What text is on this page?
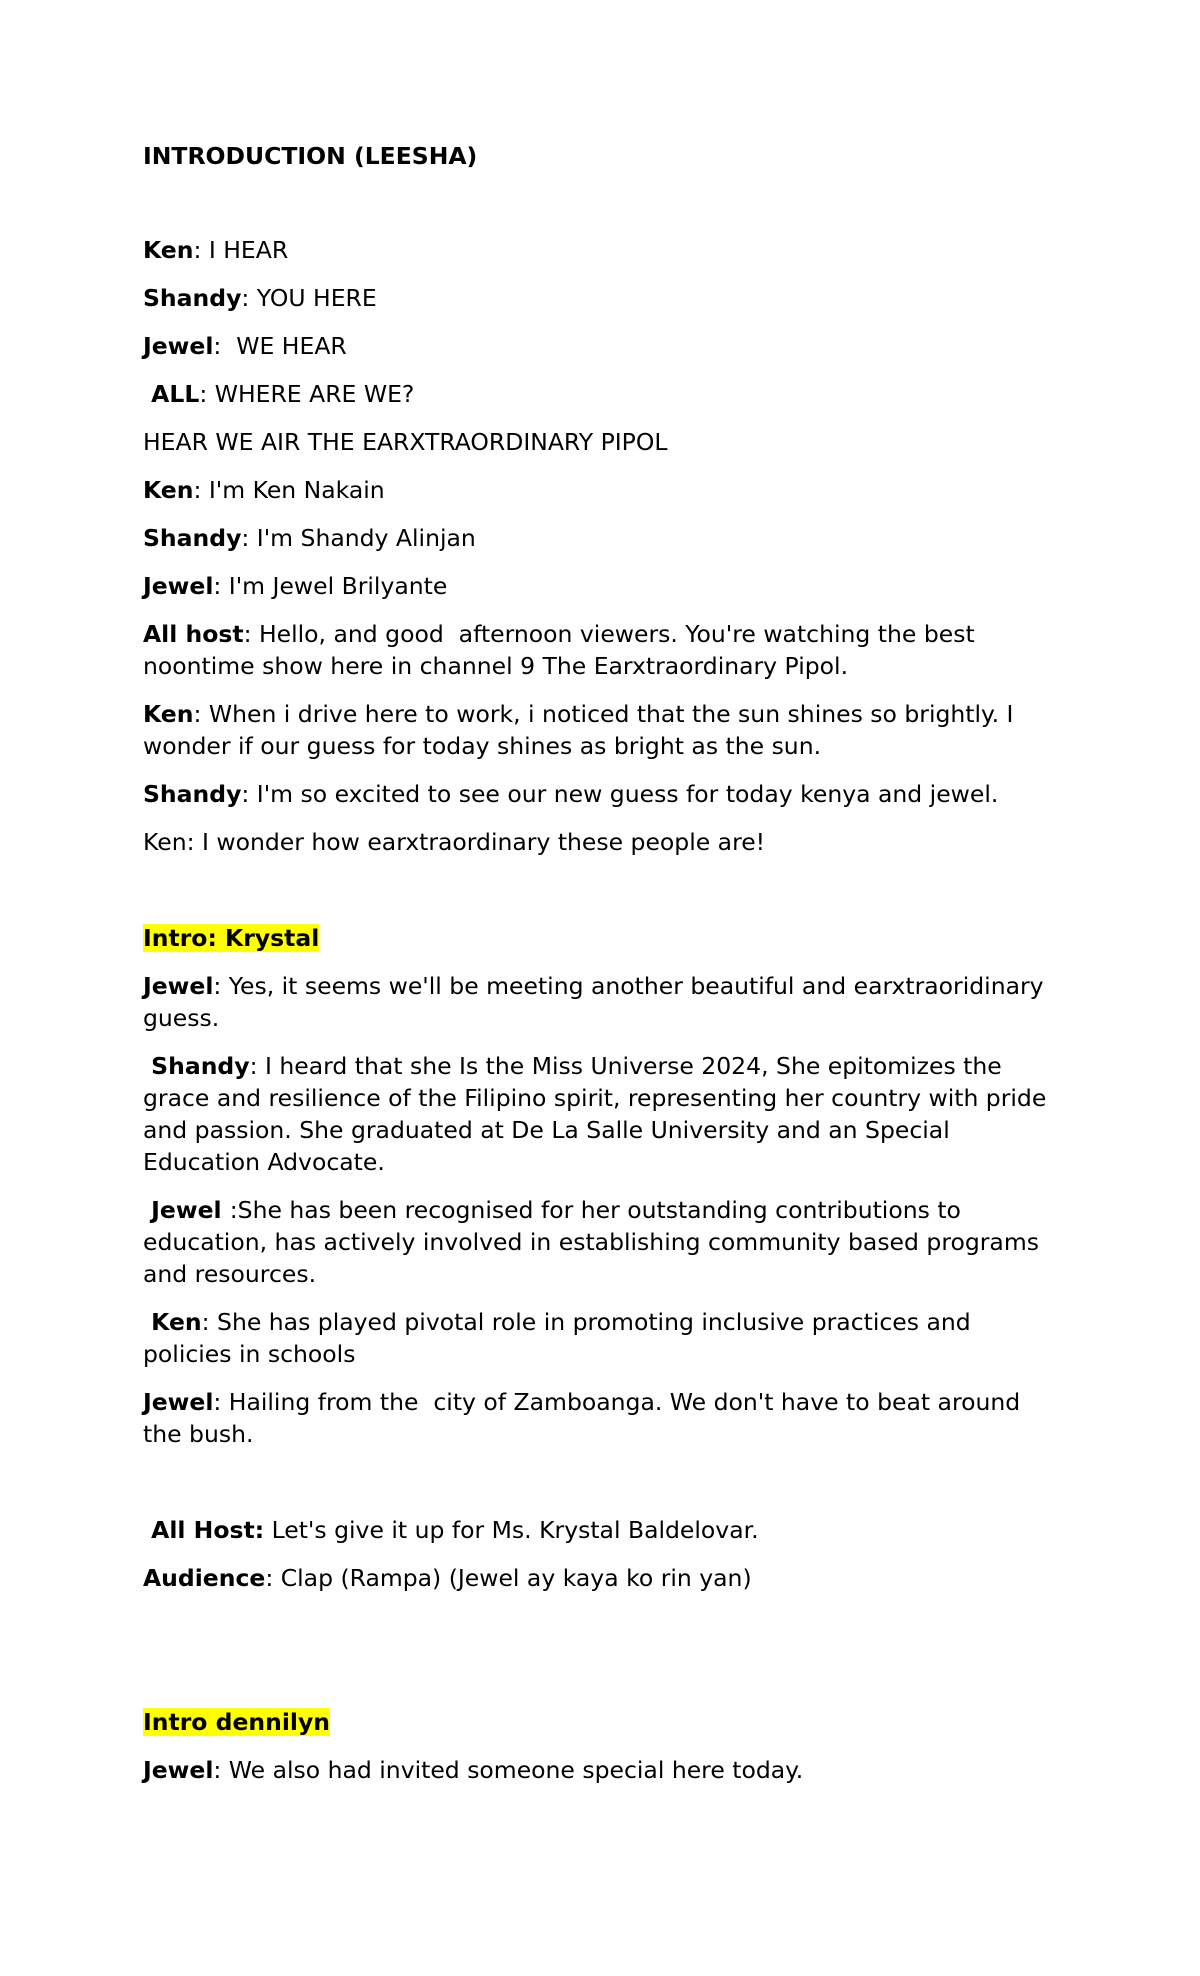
INTRODUCTION (LEESHA)
Ken: I HEAR
Shandy: YOU HERE
Jewel:  WE HEAR
ALL: WHERE ARE WE?
HEAR WE AIR THE EARXTRAORDINARY PIPOL
Ken: I'm Ken Nakain
Shandy: I'm Shandy Alinjan
Jewel: I'm Jewel Brilyante
All host: Hello, and good  afternoon viewers. You're watching the best noontime show here in channel 9 The Earxtraordinary Pipol.
Ken: When i drive here to work, i noticed that the sun shines so brightly. I wonder if our guess for today shines as bright as the sun.
Shandy: I'm so excited to see our new guess for today kenya and jewel.
Ken: I wonder how earxtraordinary these people are!
Intro: Krystal
Jewel: Yes, it seems we'll be meeting another beautiful and earxtraoridinary guess.
Shandy: I heard that she Is the Miss Universe 2024, She epitomizes the grace and resilience of the Filipino spirit, representing her country with pride and passion. She graduated at De La Salle University and an Special Education Advocate.
Jewel :She has been recognised for her outstanding contributions to education, has actively involved in establishing community based programs and resources.
Ken: She has played pivotal role in promoting inclusive practices and policies in schools
Jewel: Hailing from the  city of Zamboanga. We don't have to beat around the bush.
All Host: Let's give it up for Ms. Krystal Baldelovar.
Audience: Clap (Rampa) (Jewel ay kaya ko rin yan)
Intro dennilyn
Jewel: We also had invited someone special here today.
